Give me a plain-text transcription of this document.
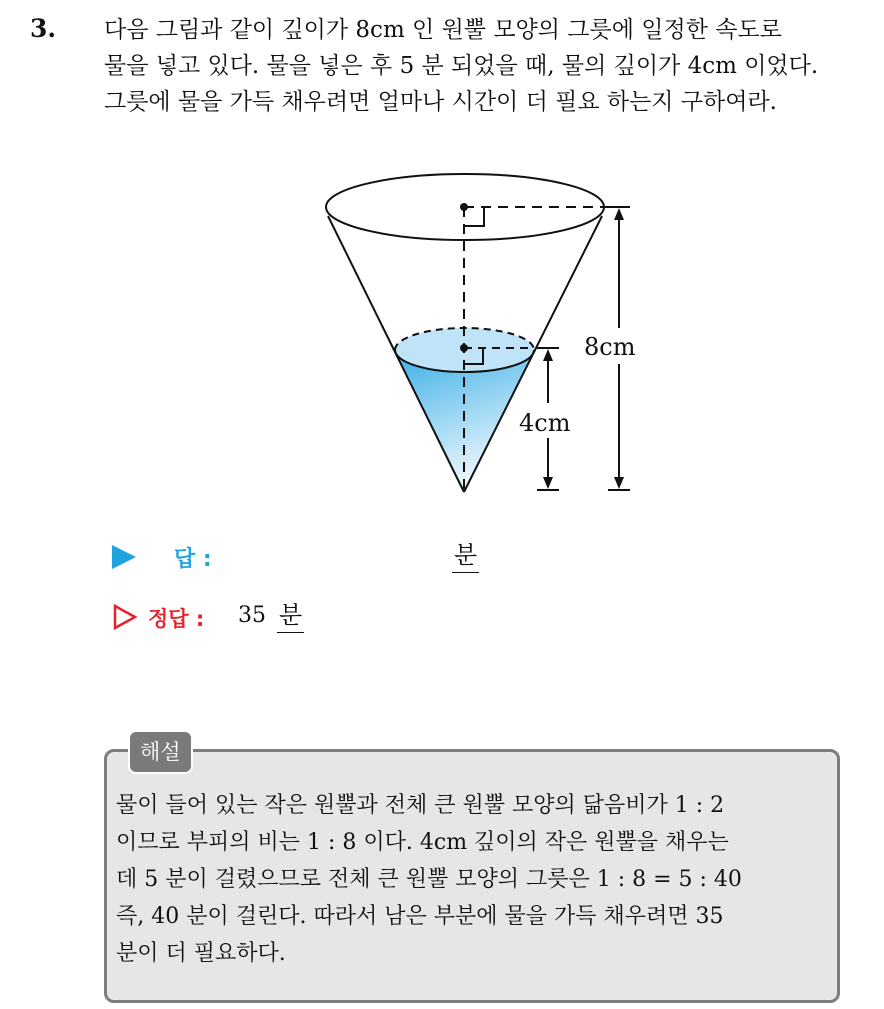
3. 다음 그림과 같이 깊이가 8cm 인 원뿔 모양의 그릇에 일정한 속도로
물을 넣고 있다. 물을 넣은 후 5 분 되었을 때, 물의 깊이가 4cm 이었다.
그릇에 물을 가득 채우려면 얼마나 시간이 더 필요 하는지 구하여라.
8cm
4cm
답 :	분
정답 : 35 분
해설
물이 들어 있는 작은 원뿔과 전체 큰 원뿔 모양의 닮음비가 1 : 2
이므로 부피의 비는 1 : 8 이다. 4cm 깊이의 작은 원뿔을 채우는
데 5 분이 걸렸으므로 전체 큰 원뿔 모양의 그릇은 1 : 8 = 5 : 40
즉, 40 분이 걸린다. 따라서 남은 부분에 물을 가득 채우려면 35
분이 더 필요하다.
